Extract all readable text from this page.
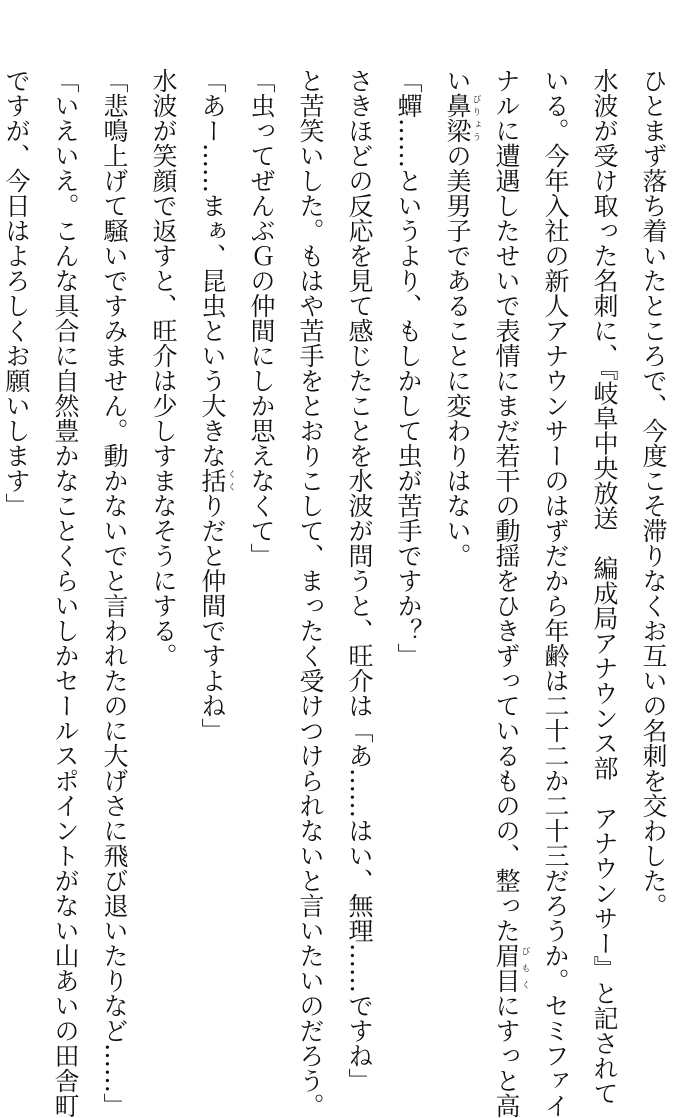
ひとまず落ち着いたところで、今度こそ滞りなくお互いの名刺を交わした。

水波が受け取った名刺に、『岐阜中央放送　編成局アナウンス部　アナウンサー』と記されて

いる。今年入社の新人アナウンサーのはずだから年齢は二十二か二十三だろうか。セミファイ

ナルに遭遇したせいで表情にまだ若干の動揺をひきずっているものの、整った眉目びもくにすっと高

い鼻梁びりょうの美男子であることに変わりはない。

「蟬……というより、もしかして虫が苦手ですか？」

さきほどの反応を見て感じたことを水波が問うと、旺介は「あ……はい、無理……ですね」

と苦笑いした。もはや苦手をとおりこして、まったく受けつけられないと言いたいのだろう。

「虫ってぜんぶＧの仲間にしか思えなくて」

「あー……まぁ、昆虫という大きな括くくりだと仲間ですよね」

水波が笑顔で返すと、旺介は少しすまなそうにする。

「悲鳴上げて騒いですみません。動かないでと言われたのに大げさに飛び退いたりなど……」

「いえいえ。こんな具合に自然豊かなことくらいしかセールスポイントがない山あいの田舎町

ですが、今日はよろしくお願いします」
